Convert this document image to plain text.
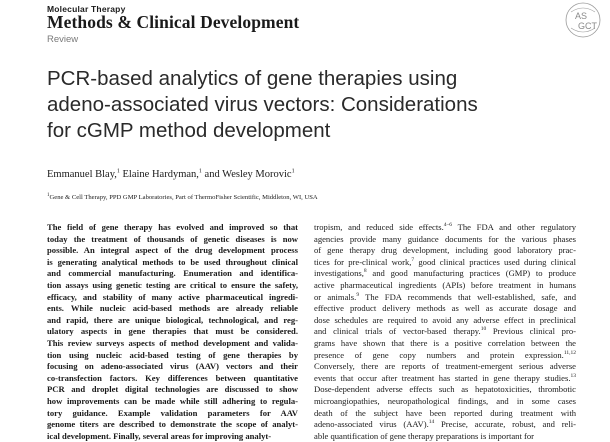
Molecular Therapy
Methods & Clinical Development
Review
AS
GCT
PCR-based analytics of gene therapies using
adeno-associated virus vectors: Considerations
for cGMP method development
Emmanuel Blay,$^1$ Elaine Hardyman,$^1$ and Wesley Morovic$^1$
$^1$Gene & Cell Therapy, PPD GMP Laboratories, Part of ThermoFisher Scientific, Middleton, WI, USA
The field of gene therapy has evolved and improved so that
today the treatment of thousands of genetic diseases is now
possible. An integral aspect of the drug development process
is generating analytical methods to be used throughout clinical
and commercial manufacturing. Enumeration and identifica-
tion assays using genetic testing are critical to ensure the safety,
efficacy, and stability of many active pharmaceutical ingredi-
ents. While nucleic acid-based methods are already reliable
and rapid, there are unique biological, technological, and reg-
ulatory aspects in gene therapies that must be considered.
This review surveys aspects of method development and valida-
tion using nucleic acid-based testing of gene therapies by
focusing on adeno-associated virus (AAV) vectors and their
co-transfection factors. Key differences between quantitative
PCR and droplet digital technologies are discussed to show
how improvements can be made while still adhering to regula-
tory guidance. Example validation parameters for AAV
genome titers are described to demonstrate the scope of analyt-
ical development. Finally, several areas for improving analyt-
tropism, and reduced side effects.$^{4-6}$ The FDA and other regulatory
agencies provide many guidance documents for the various phases
of gene therapy drug development, including good laboratory prac-
tices for pre-clinical work,$^7$ good clinical practices used during clinical
investigations,$^8$ and good manufacturing practices (GMP) to produce
active pharmaceutical ingredients (APIs) before treatment in humans
or animals.$^9$ The FDA recommends that well-established, safe, and
effective product delivery methods as well as accurate dosage and
dose schedules are required to avoid any adverse effect in preclinical
and clinical trials of vector-based therapy.$^{10}$ Previous clinical pro-
grams have shown that there is a positive correlation between the
presence of gene copy numbers and protein expression.$^{11,12}$
Conversely, there are reports of treatment-emergent serious adverse
events that occur after treatment has started in gene therapy studies.$^{13}$
Dose-dependent adverse effects such as hepatotoxicities, thrombotic
microangiopathies, neuropathological findings, and in some cases
death of the subject have been reported during treatment with
adeno-associated virus (AAV).$^{14}$ Precise, accurate, robust, and reli-
able quantification of gene therapy preparations is important for
